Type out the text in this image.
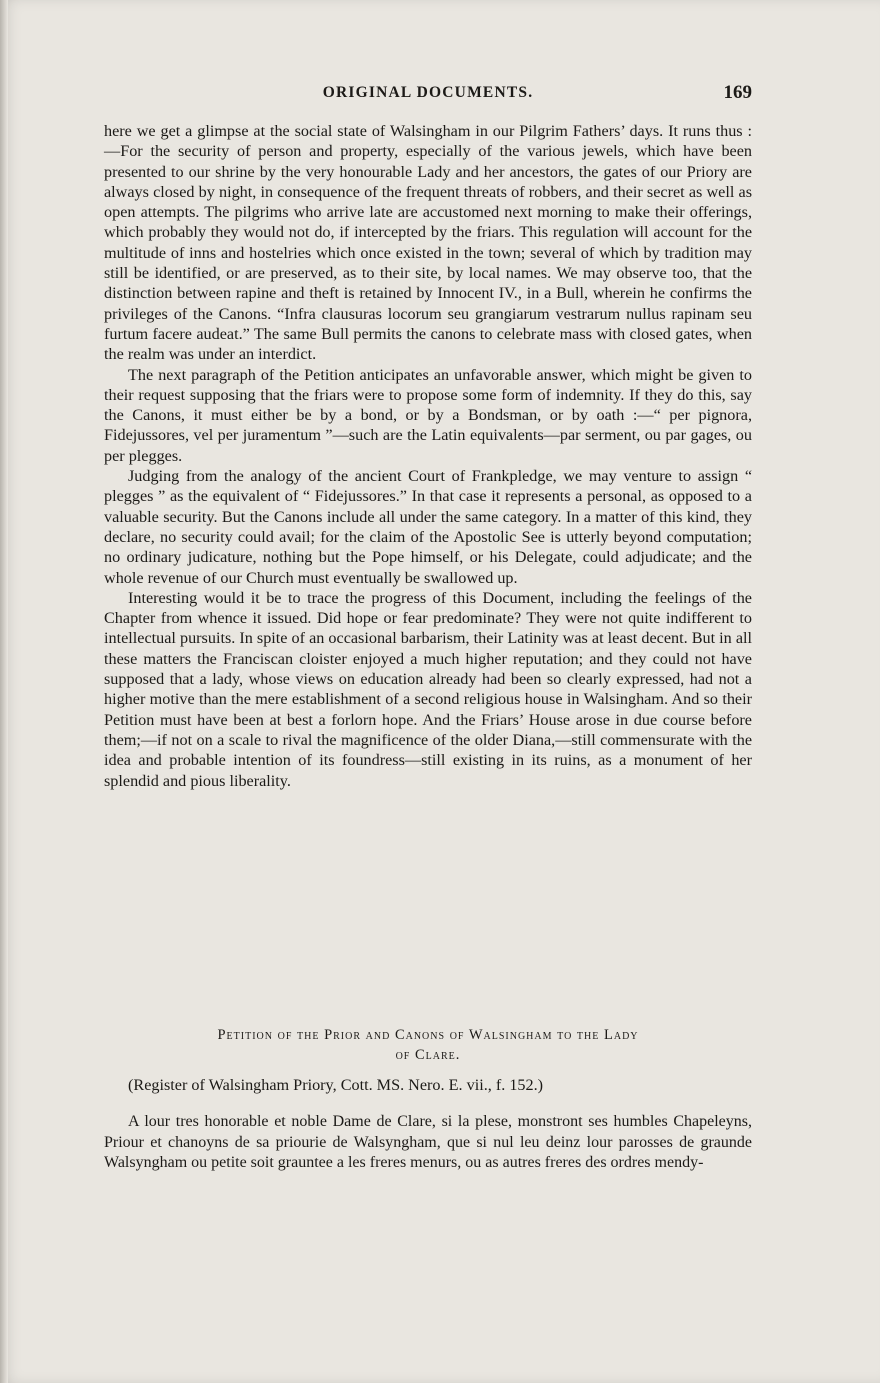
ORIGINAL DOCUMENTS.	169

here we get a glimpse at the social state of Walsingham in our Pilgrim Fathers’ days. It runs thus :—For the security of person and property, especially of the various jewels, which have been presented to our shrine by the very honourable Lady and her ancestors, the gates of our Priory are always closed by night, in consequence of the frequent threats of robbers, and their secret as well as open attempts. The pilgrims who arrive late are accustomed next morning to make their offerings, which probably they would not do, if intercepted by the friars. This regulation will account for the multitude of inns and hostelries which once existed in the town; several of which by tradition may still be identified, or are preserved, as to their site, by local names. We may observe too, that the distinction between rapine and theft is retained by Innocent IV., in a Bull, wherein he confirms the privileges of the Canons. “Infra clausuras locorum seu grangiarum vestrarum nullus rapinam seu furtum facere audeat.” The same Bull permits the canons to celebrate mass with closed gates, when the realm was under an interdict.

The next paragraph of the Petition anticipates an unfavorable answer, which might be given to their request supposing that the friars were to propose some form of indemnity. If they do this, say the Canons, it must either be by a bond, or by a Bondsman, or by oath :—“ per pignora, Fidejussores, vel per juramentum ”—such are the Latin equivalents—par serment, ou par gages, ou per plegges.

Judging from the analogy of the ancient Court of Frankpledge, we may venture to assign “ plegges ” as the equivalent of “ Fidejussores.” In that case it represents a personal, as opposed to a valuable security. But the Canons include all under the same category. In a matter of this kind, they declare, no security could avail; for the claim of the Apostolic See is utterly beyond computation; no ordinary judicature, nothing but the Pope himself, or his Delegate, could adjudicate; and the whole revenue of our Church must eventually be swallowed up.

Interesting would it be to trace the progress of this Document, including the feelings of the Chapter from whence it issued. Did hope or fear predominate? They were not quite indifferent to intellectual pursuits. In spite of an occasional barbarism, their Latinity was at least decent. But in all these matters the Franciscan cloister enjoyed a much higher reputation; and they could not have supposed that a lady, whose views on education already had been so clearly expressed, had not a higher motive than the mere establishment of a second religious house in Walsingham. And so their Petition must have been at best a forlorn hope. And the Friars’ House arose in due course before them;—if not on a scale to rival the magnificence of the older Diana,—still commensurate with the idea and probable intention of its foundress—still existing in its ruins, as a monument of her splendid and pious liberality.

Petition of the Prior and Canons of Walsingham to the Lady
of Clare.
(Register of Walsingham Priory, Cott. MS. Nero. E. vii., f. 152.)
A lour tres honorable et noble Dame de Clare, si la plese, monstront ses humbles Chapeleyns, Priour et chanoyns de sa priourie de Walsyngham, que si nul leu deinz lour parosses de graunde Walsyngham ou petite soit grauntee a les freres menurs, ou as autres freres des ordres mendy-
